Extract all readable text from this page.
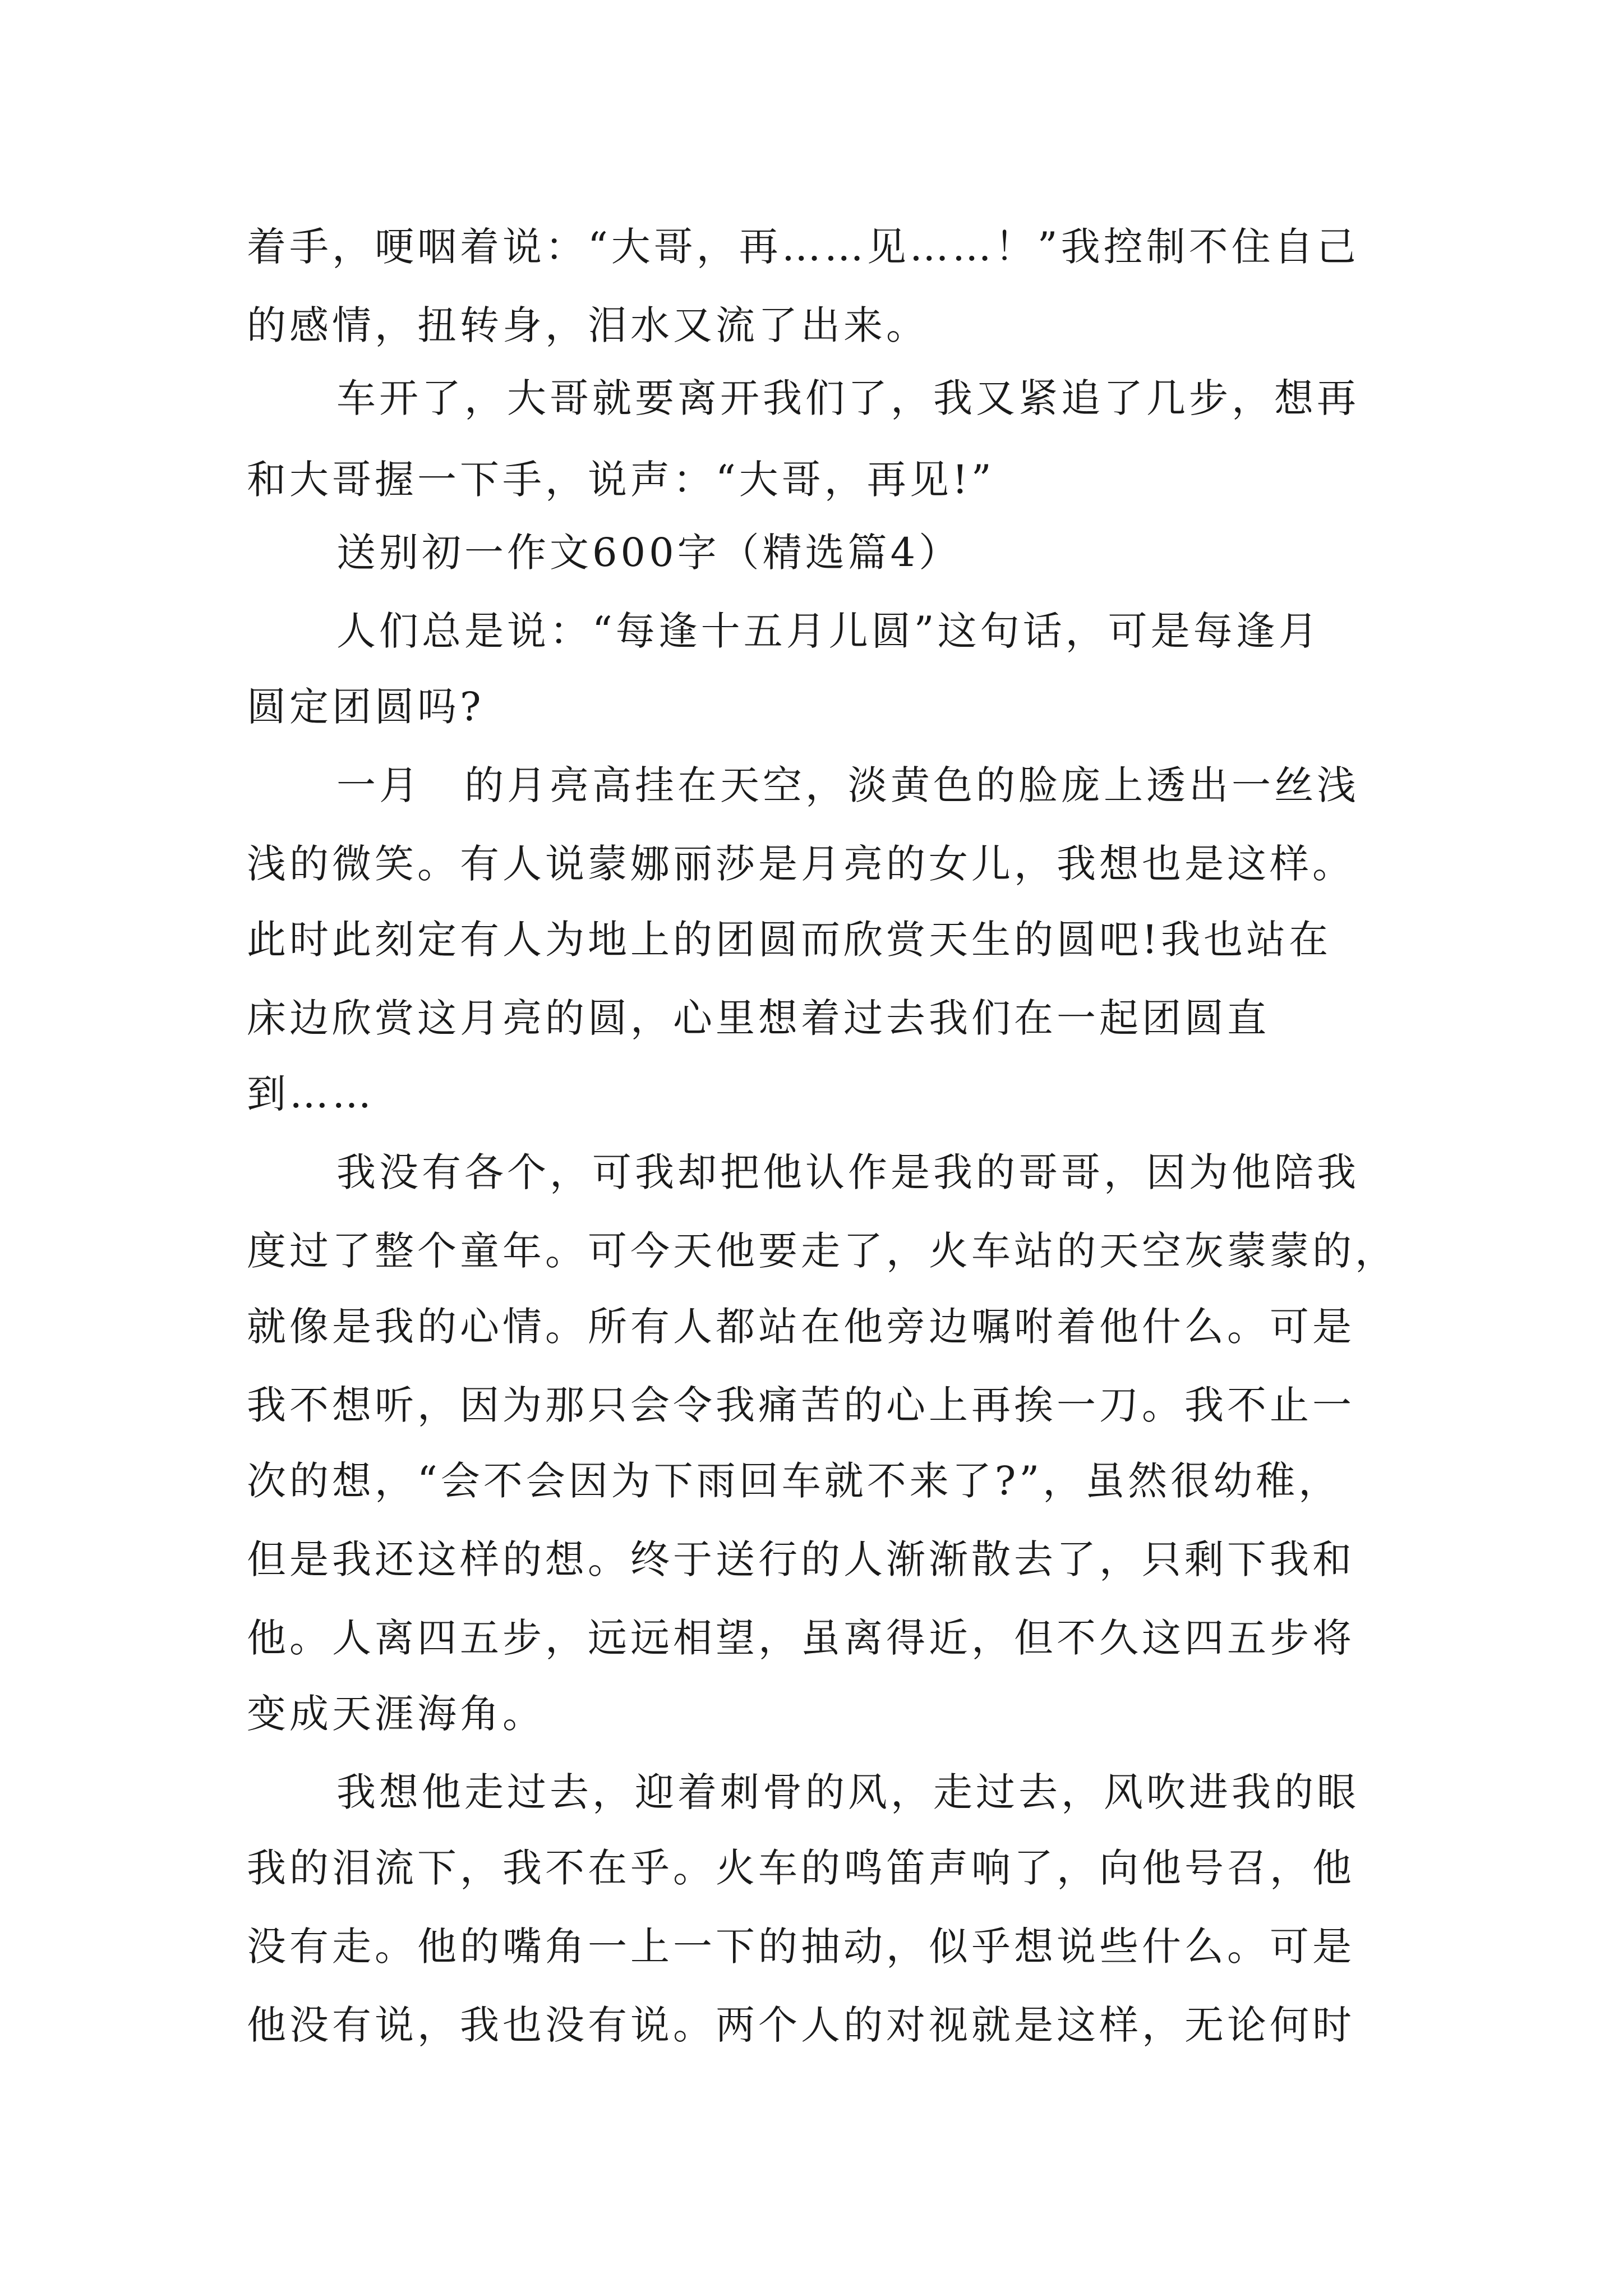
着手，哽咽着说：“大哥，再……见……！”我控制不住自己
的感情，扭转身，泪水又流了出来。
车开了，大哥就要离开我们了，我又紧追了几步，想再
和大哥握一下手，说声：“大哥，再见!”
送别初一作文600字（精选篇4）
人们总是说：“每逢十五月儿圆”这句话，可是每逢月
圆定团圆吗?
一月　的月亮高挂在天空，淡黄色的脸庞上透出一丝浅
浅的微笑。有人说蒙娜丽莎是月亮的女儿，我想也是这样。
此时此刻定有人为地上的团圆而欣赏天生的圆吧!我也站在
床边欣赏这月亮的圆，心里想着过去我们在一起团圆直
到……
我没有各个，可我却把他认作是我的哥哥，因为他陪我
度过了整个童年。可今天他要走了，火车站的天空灰蒙蒙的，
就像是我的心情。所有人都站在他旁边嘱咐着他什么。可是
我不想听，因为那只会令我痛苦的心上再挨一刀。我不止一
次的想，“会不会因为下雨回车就不来了?”，虽然很幼稚，
但是我还这样的想。终于送行的人渐渐散去了，只剩下我和
他。人离四五步，远远相望，虽离得近，但不久这四五步将
变成天涯海角。
我想他走过去，迎着刺骨的风，走过去，风吹进我的眼
我的泪流下，我不在乎。火车的鸣笛声响了，向他号召，他
没有走。他的嘴角一上一下的抽动，似乎想说些什么。可是
他没有说，我也没有说。两个人的对视就是这样，无论何时
